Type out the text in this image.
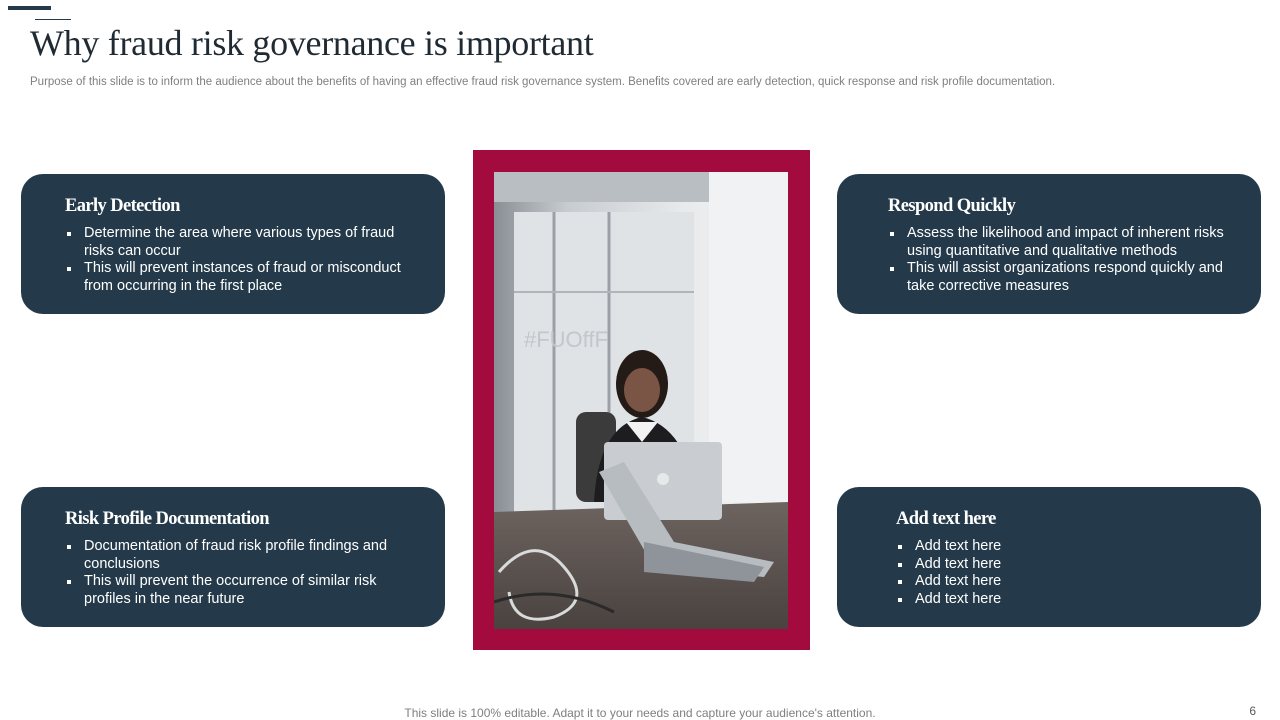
Why fraud risk governance is important

Purpose of this slide is to inform the audience about the benefits of having an effective fraud risk governance system. Benefits covered are early detection, quick response and risk profile documentation.

Early Detection
Determine the area where various types of fraud risks can occur
This will prevent instances of fraud or misconduct from occurring in the first place
Respond Quickly
Assess the likelihood and impact of inherent risks using quantitative and qualitative methods
This will assist organizations respond quickly and take corrective measures
Risk Profile Documentation
Documentation of fraud risk profile findings and conclusions
This will prevent the occurrence of similar risk profiles in the near future
Add text here
Add text here
Add text here
Add text here
Add text here
#FUOffF

This slide is 100% editable. Adapt it to your needs and capture your audience's attention.	6
